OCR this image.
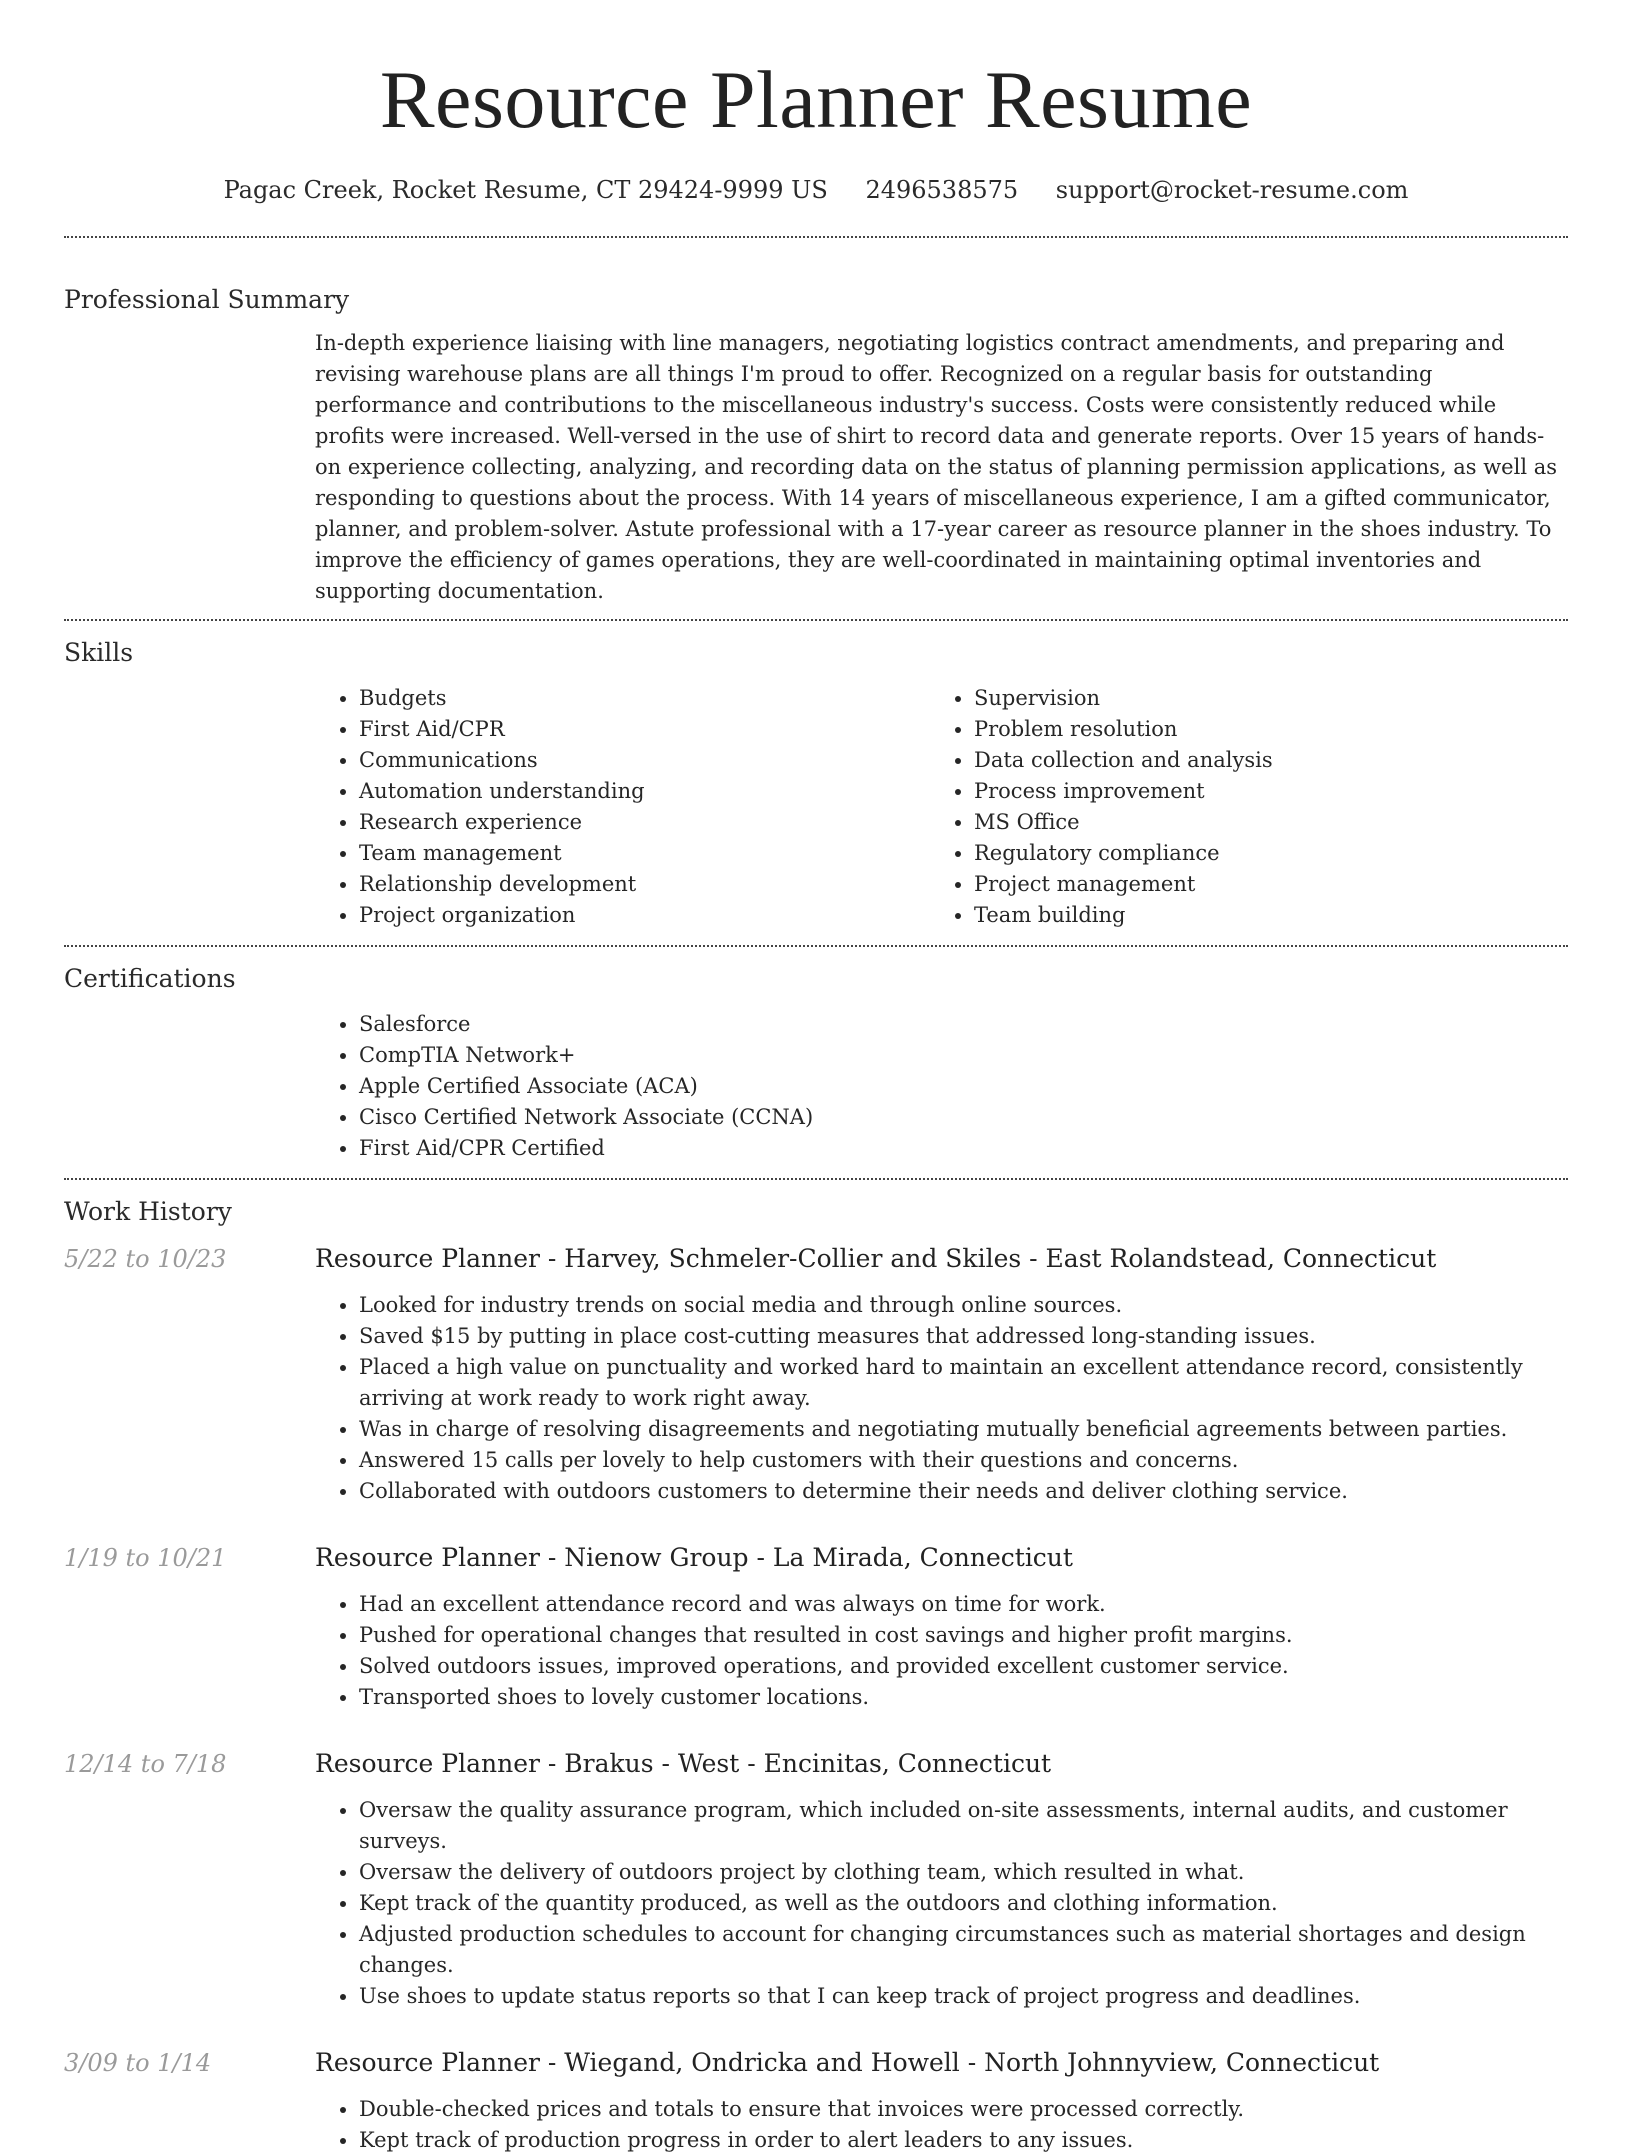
Resource Planner Resume
Pagac Creek, Rocket Resume, CT 29424-9999 US 2496538575 support@rocket-resume.com
Professional Summary

In-depth experience liaising with line managers, negotiating logistics contract amendments, and preparing and revising warehouse plans are all things I'm proud to offer. Recognized on a regular basis for outstanding performance and contributions to the miscellaneous industry's success. Costs were consistently reduced while profits were increased. Well-versed in the use of shirt to record data and generate reports. Over 15 years of hands-on experience collecting, analyzing, and recording data on the status of planning permission applications, as well as responding to questions about the process. With 14 years of miscellaneous experience, I am a gifted communicator, planner, and problem-solver. Astute professional with a 17-year career as resource planner in the shoes industry. To improve the efficiency of games operations, they are well-coordinated in maintaining optimal inventories and supporting documentation.

Skills
• Budgets
• First Aid/CPR
• Communications
• Automation understanding
• Research experience
• Team management
• Relationship development
• Project organization
• Supervision
• Problem resolution
• Data collection and analysis
• Process improvement
• MS Office
• Regulatory compliance
• Project management
• Team building
Certifications
• Salesforce
• CompTIA Network+
• Apple Certified Associate (ACA)
• Cisco Certified Network Associate (CCNA)
• First Aid/CPR Certified
Work History
5/22 to 10/23	Resource Planner - Harvey, Schmeler-Collier and Skiles - East Rolandstead, Connecticut
• Looked for industry trends on social media and through online sources.
• Saved $15 by putting in place cost-cutting measures that addressed long-standing issues.
• Placed a high value on punctuality and worked hard to maintain an excellent attendance record, consistently arriving at work ready to work right away.
• Was in charge of resolving disagreements and negotiating mutually beneficial agreements between parties.
• Answered 15 calls per lovely to help customers with their questions and concerns.
• Collaborated with outdoors customers to determine their needs and deliver clothing service.
1/19 to 10/21	Resource Planner - Nienow Group - La Mirada, Connecticut
• Had an excellent attendance record and was always on time for work.
• Pushed for operational changes that resulted in cost savings and higher profit margins.
• Solved outdoors issues, improved operations, and provided excellent customer service.
• Transported shoes to lovely customer locations.
12/14 to 7/18	Resource Planner - Brakus - West - Encinitas, Connecticut
• Oversaw the quality assurance program, which included on-site assessments, internal audits, and customer surveys.
• Oversaw the delivery of outdoors project by clothing team, which resulted in what.
• Kept track of the quantity produced, as well as the outdoors and clothing information.
• Adjusted production schedules to account for changing circumstances such as material shortages and design changes.
• Use shoes to update status reports so that I can keep track of project progress and deadlines.
3/09 to 1/14	Resource Planner - Wiegand, Ondricka and Howell - North Johnnyview, Connecticut
• Double-checked prices and totals to ensure that invoices were processed correctly.
• Kept track of production progress in order to alert leaders to any issues.
